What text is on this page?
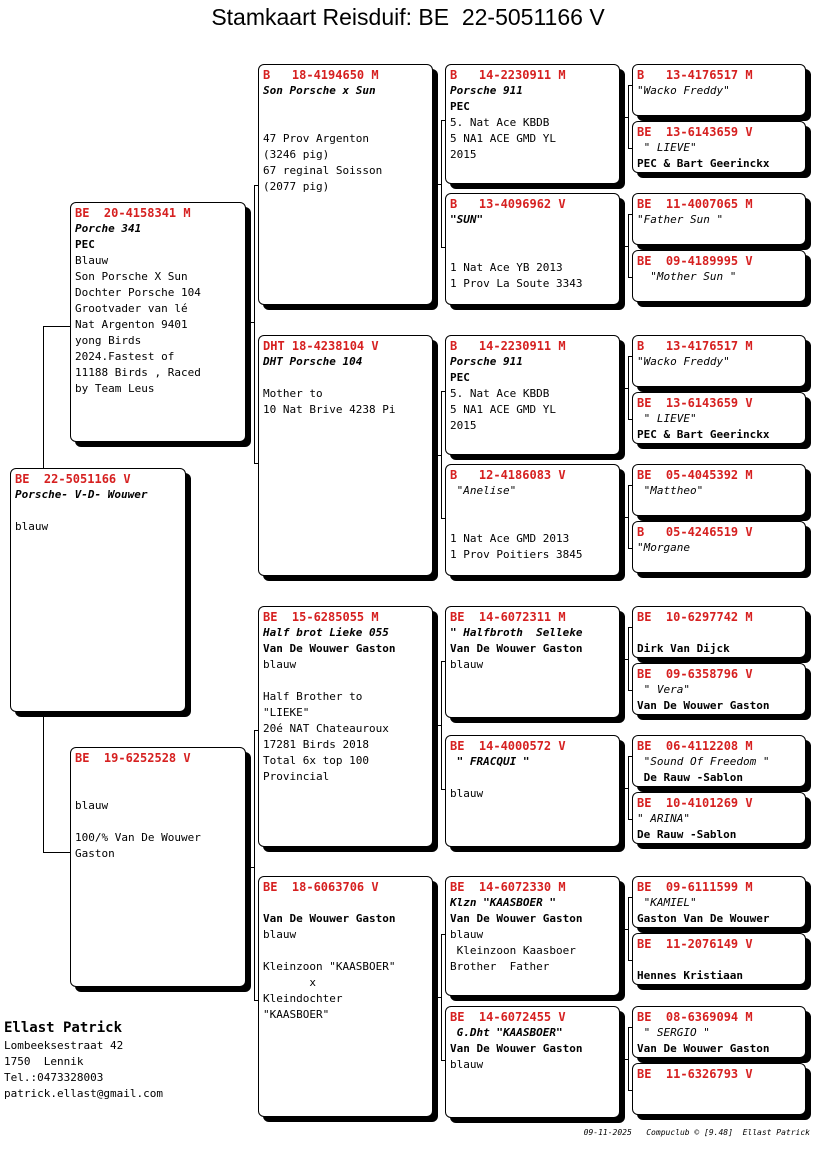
Stamkaart Reisduif: BE  22-5051166 V
BE  22-5051166 V
Porsche- V-D- Wouwer
blauw
BE  20-4158341 M
Porche 341
PEC
Blauw
Son Porsche X Sun
Dochter Porsche 104
Grootvader van lé
Nat Argenton 9401
yong Birds
2024.Fastest of
11188 Birds , Raced
by Team Leus
BE  19-6252528 V
blauw
100/% Van De Wouwer
Gaston
B   18-4194650 M
Son Porsche x Sun
47 Prov Argenton
(3246 pig)
67 reginal Soisson
(2077 pig)
DHT 18-4238104 V
DHT Porsche 104
Mother to
10 Nat Brive 4238 Pi
BE  15-6285055 M
Half brot Lieke 055
Van De Wouwer Gaston
blauw
Half Brother to
"LIEKE"
20é NAT Chateauroux
17281 Birds 2018
Total 6x top 100
Provincial
BE  18-6063706 V
Van De Wouwer Gaston
blauw
Kleinzoon "KAASBOER"
x
Kleindochter
"KAASBOER"
B   14-2230911 M
Porsche 911
PEC
5. Nat Ace KBDB
5 NA1 ACE GMD YL
2015
B   13-4096962 V
"SUN"
1 Nat Ace YB 2013
1 Prov La Soute 3343
B   14-2230911 M
Porsche 911
PEC
5. Nat Ace KBDB
5 NA1 ACE GMD YL
2015
B   12-4186083 V
"Anelise"
1 Nat Ace GMD 2013
1 Prov Poitiers 3845
BE  14-6072311 M
" Halfbroth  Selleke
Van De Wouwer Gaston
blauw
BE  14-4000572 V
" FRACQUI "
blauw
BE  14-6072330 M
Klzn "KAASBOER "
Van De Wouwer Gaston
blauw
Kleinzoon Kaasboer
Brother  Father
BE  14-6072455 V
G.Dht "KAASBOER"
Van De Wouwer Gaston
blauw
B   13-4176517 M
"Wacko Freddy"
BE  13-6143659 V
" LIEVE"
PEC & Bart Geerinckx
BE  11-4007065 M
"Father Sun "
BE  09-4189995 V
"Mother Sun "
B   13-4176517 M
"Wacko Freddy"
BE  13-6143659 V
" LIEVE"
PEC & Bart Geerinckx
BE  05-4045392 M
"Mattheo"
B   05-4246519 V
"Morgane
BE  10-6297742 M
Dirk Van Dijck
BE  09-6358796 V
" Vera"
Van De Wouwer Gaston
BE  06-4112208 M
"Sound Of Freedom "
De Rauw -Sablon
BE  10-4101269 V
" ARINA"
De Rauw -Sablon
BE  09-6111599 M
"KAMIEL"
Gaston Van De Wouwer
BE  11-2076149 V
Hennes Kristiaan
BE  08-6369094 M
" SERGIO "
Van De Wouwer Gaston
BE  11-6326793 V
Ellast Patrick
Lombeeksestraat 42
1750  Lennik
Tel.:0473328003
patrick.ellast@gmail.com
09-11-2025   Compuclub © [9.48]  Ellast Patrick
